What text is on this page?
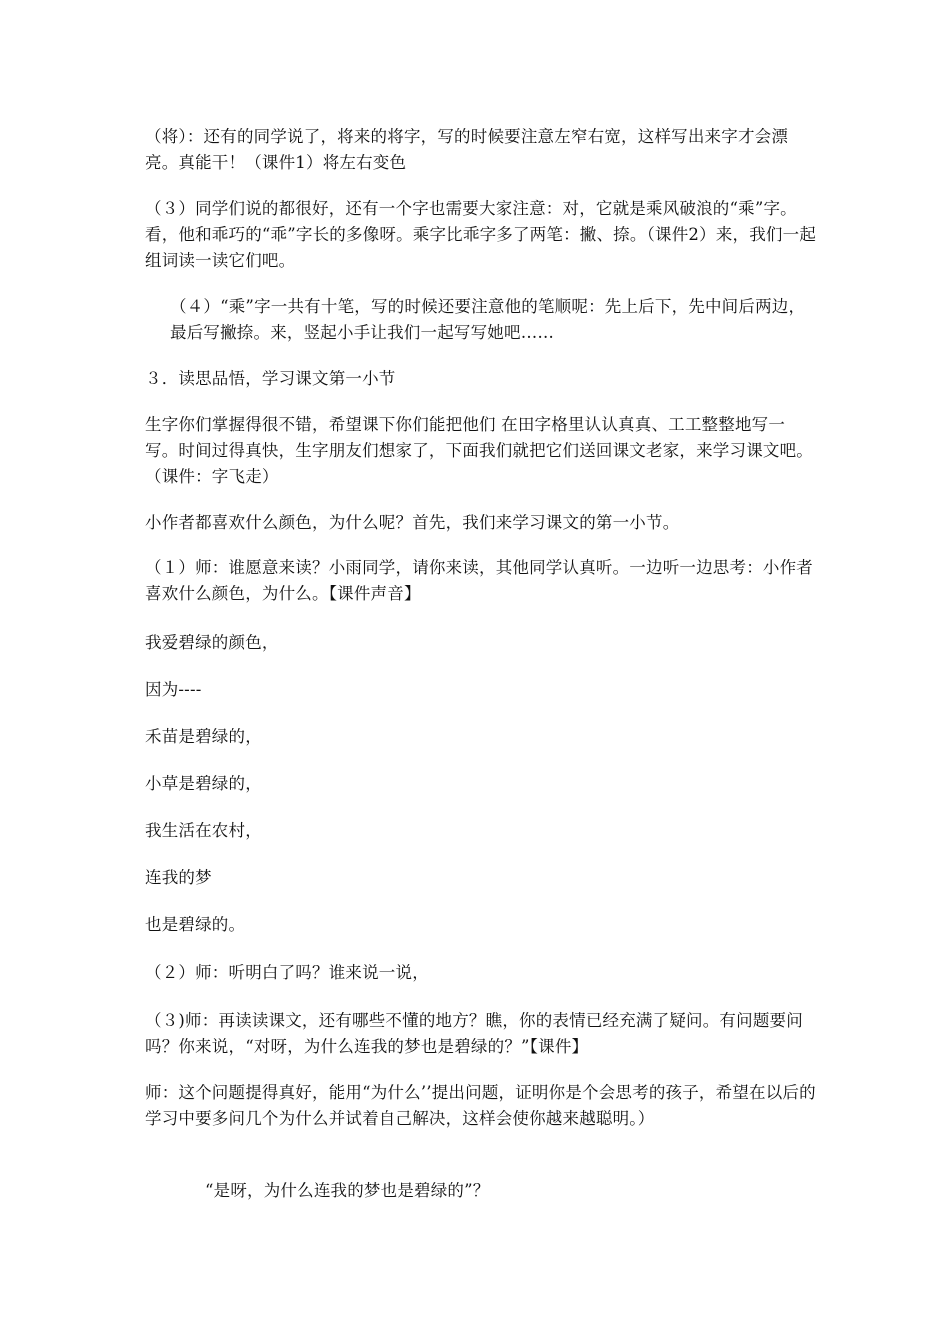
（将）：还有的同学说了，将来的将字，写的时候要注意左窄右宽，这样写出来字才会漂亮。真能干！（课件1）将左右变色

（３）同学们说的都很好，还有一个字也需要大家注意：对，它就是乘风破浪的“乘”字。看，他和乖巧的“乖”字长的多像呀。乘字比乖字多了两笔：撇、捺。（课件2）来，我们一起组词读一读它们吧。

（４）“乘”字一共有十笔，写的时候还要注意他的笔顺呢：先上后下，先中间后两边，最后写撇捺。来，竖起小手让我们一起写写她吧……

３．读思品悟，学习课文第一小节

生字你们掌握得很不错，希望课下你们能把他们 在田字格里认认真真、工工整整地写一写。时间过得真快，生字朋友们想家了，下面我们就把它们送回课文老家，来学习课文吧。（课件：字飞走）

小作者都喜欢什么颜色，为什么呢？首先，我们来学习课文的第一小节。

（１）师：谁愿意来读？小雨同学，请你来读，其他同学认真听。一边听一边思考：小作者喜欢什么颜色，为什么。【课件声音】

我爱碧绿的颜色，

因为----

禾苗是碧绿的，

小草是碧绿的，

我生活在农村，

连我的梦

也是碧绿的。

（２）师：听明白了吗？谁来说一说，

（３)师：再读读课文，还有哪些不懂的地方？瞧，你的表情已经充满了疑问。有问题要问吗？你来说，“对呀，为什么连我的梦也是碧绿的？”【课件】

师：这个问题提得真好，能用“为什么’’提出问题，证明你是个会思考的孩子，希望在以后的学习中要多问几个为什么并试着自己解决，这样会使你越来越聪明。）

“是呀，为什么连我的梦也是碧绿的”？
